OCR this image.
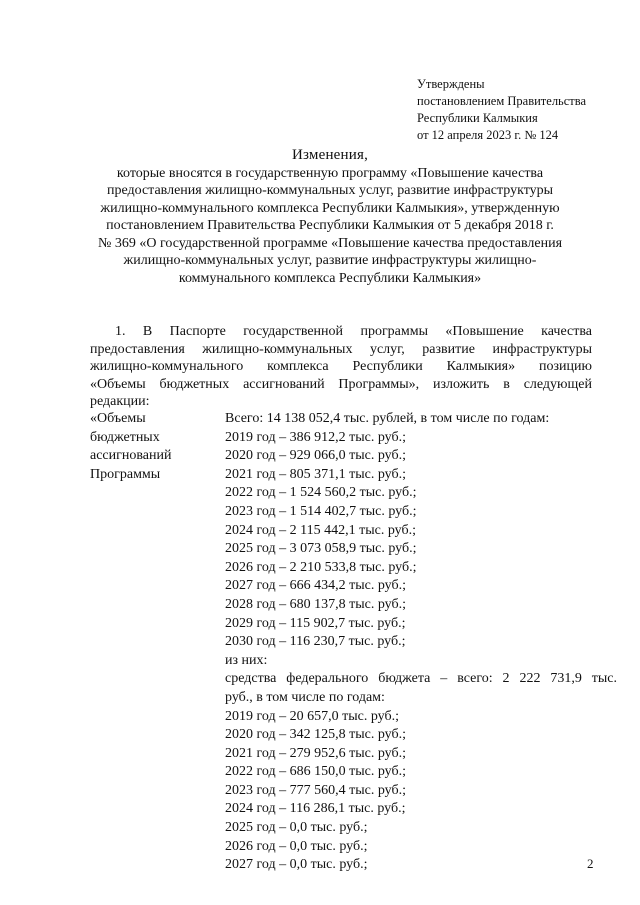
Утверждены
постановлением Правительства
Республики Калмыкия
от 12 апреля 2023 г. № 124
Изменения,
которые вносятся в государственную программу «Повышение качества
предоставления жилищно-коммунальных услуг, развитие инфраструктуры
жилищно-коммунального комплекса Республики Калмыкия», утвержденную
постановлением Правительства Республики Калмыкия от 5 декабря 2018 г.
№ 369 «О государственной программе «Повышение качества предоставления
жилищно-коммунальных услуг, развитие инфраструктуры жилищно-
коммунального комплекса Республики Калмыкия»
1. В Паспорте государственной программы «Повышение качества
предоставления жилищно-коммунальных услуг, развитие инфраструктуры
жилищно-коммунального комплекса Республики Калмыкия» позицию
«Объемы бюджетных ассигнований Программы», изложить в следующей
редакции:
«Объемы
бюджетных
ассигнований
Программы
Всего: 14 138 052,4 тыс. рублей, в том числе по годам:
2019 год – 386 912,2 тыс. руб.;
2020 год – 929 066,0 тыс. руб.;
2021 год – 805 371,1 тыс. руб.;
2022 год – 1 524 560,2 тыс. руб.;
2023 год – 1 514 402,7 тыс. руб.;
2024 год – 2 115 442,1 тыс. руб.;
2025 год – 3 073 058,9 тыс. руб.;
2026 год – 2 210 533,8 тыс. руб.;
2027 год – 666 434,2 тыс. руб.;
2028 год – 680 137,8 тыс. руб.;
2029 год – 115 902,7 тыс. руб.;
2030 год – 116 230,7 тыс. руб.;
из них:
средства федерального бюджета – всего: 2 222 731,9 тыс.
руб., в том числе по годам:
2019 год – 20 657,0 тыс. руб.;
2020 год – 342 125,8 тыс. руб.;
2021 год – 279 952,6 тыс. руб.;
2022 год – 686 150,0 тыс. руб.;
2023 год – 777 560,4 тыс. руб.;
2024 год – 116 286,1 тыс. руб.;
2025 год – 0,0 тыс. руб.;
2026 год – 0,0 тыс. руб.;
2027 год – 0,0 тыс. руб.;	2
